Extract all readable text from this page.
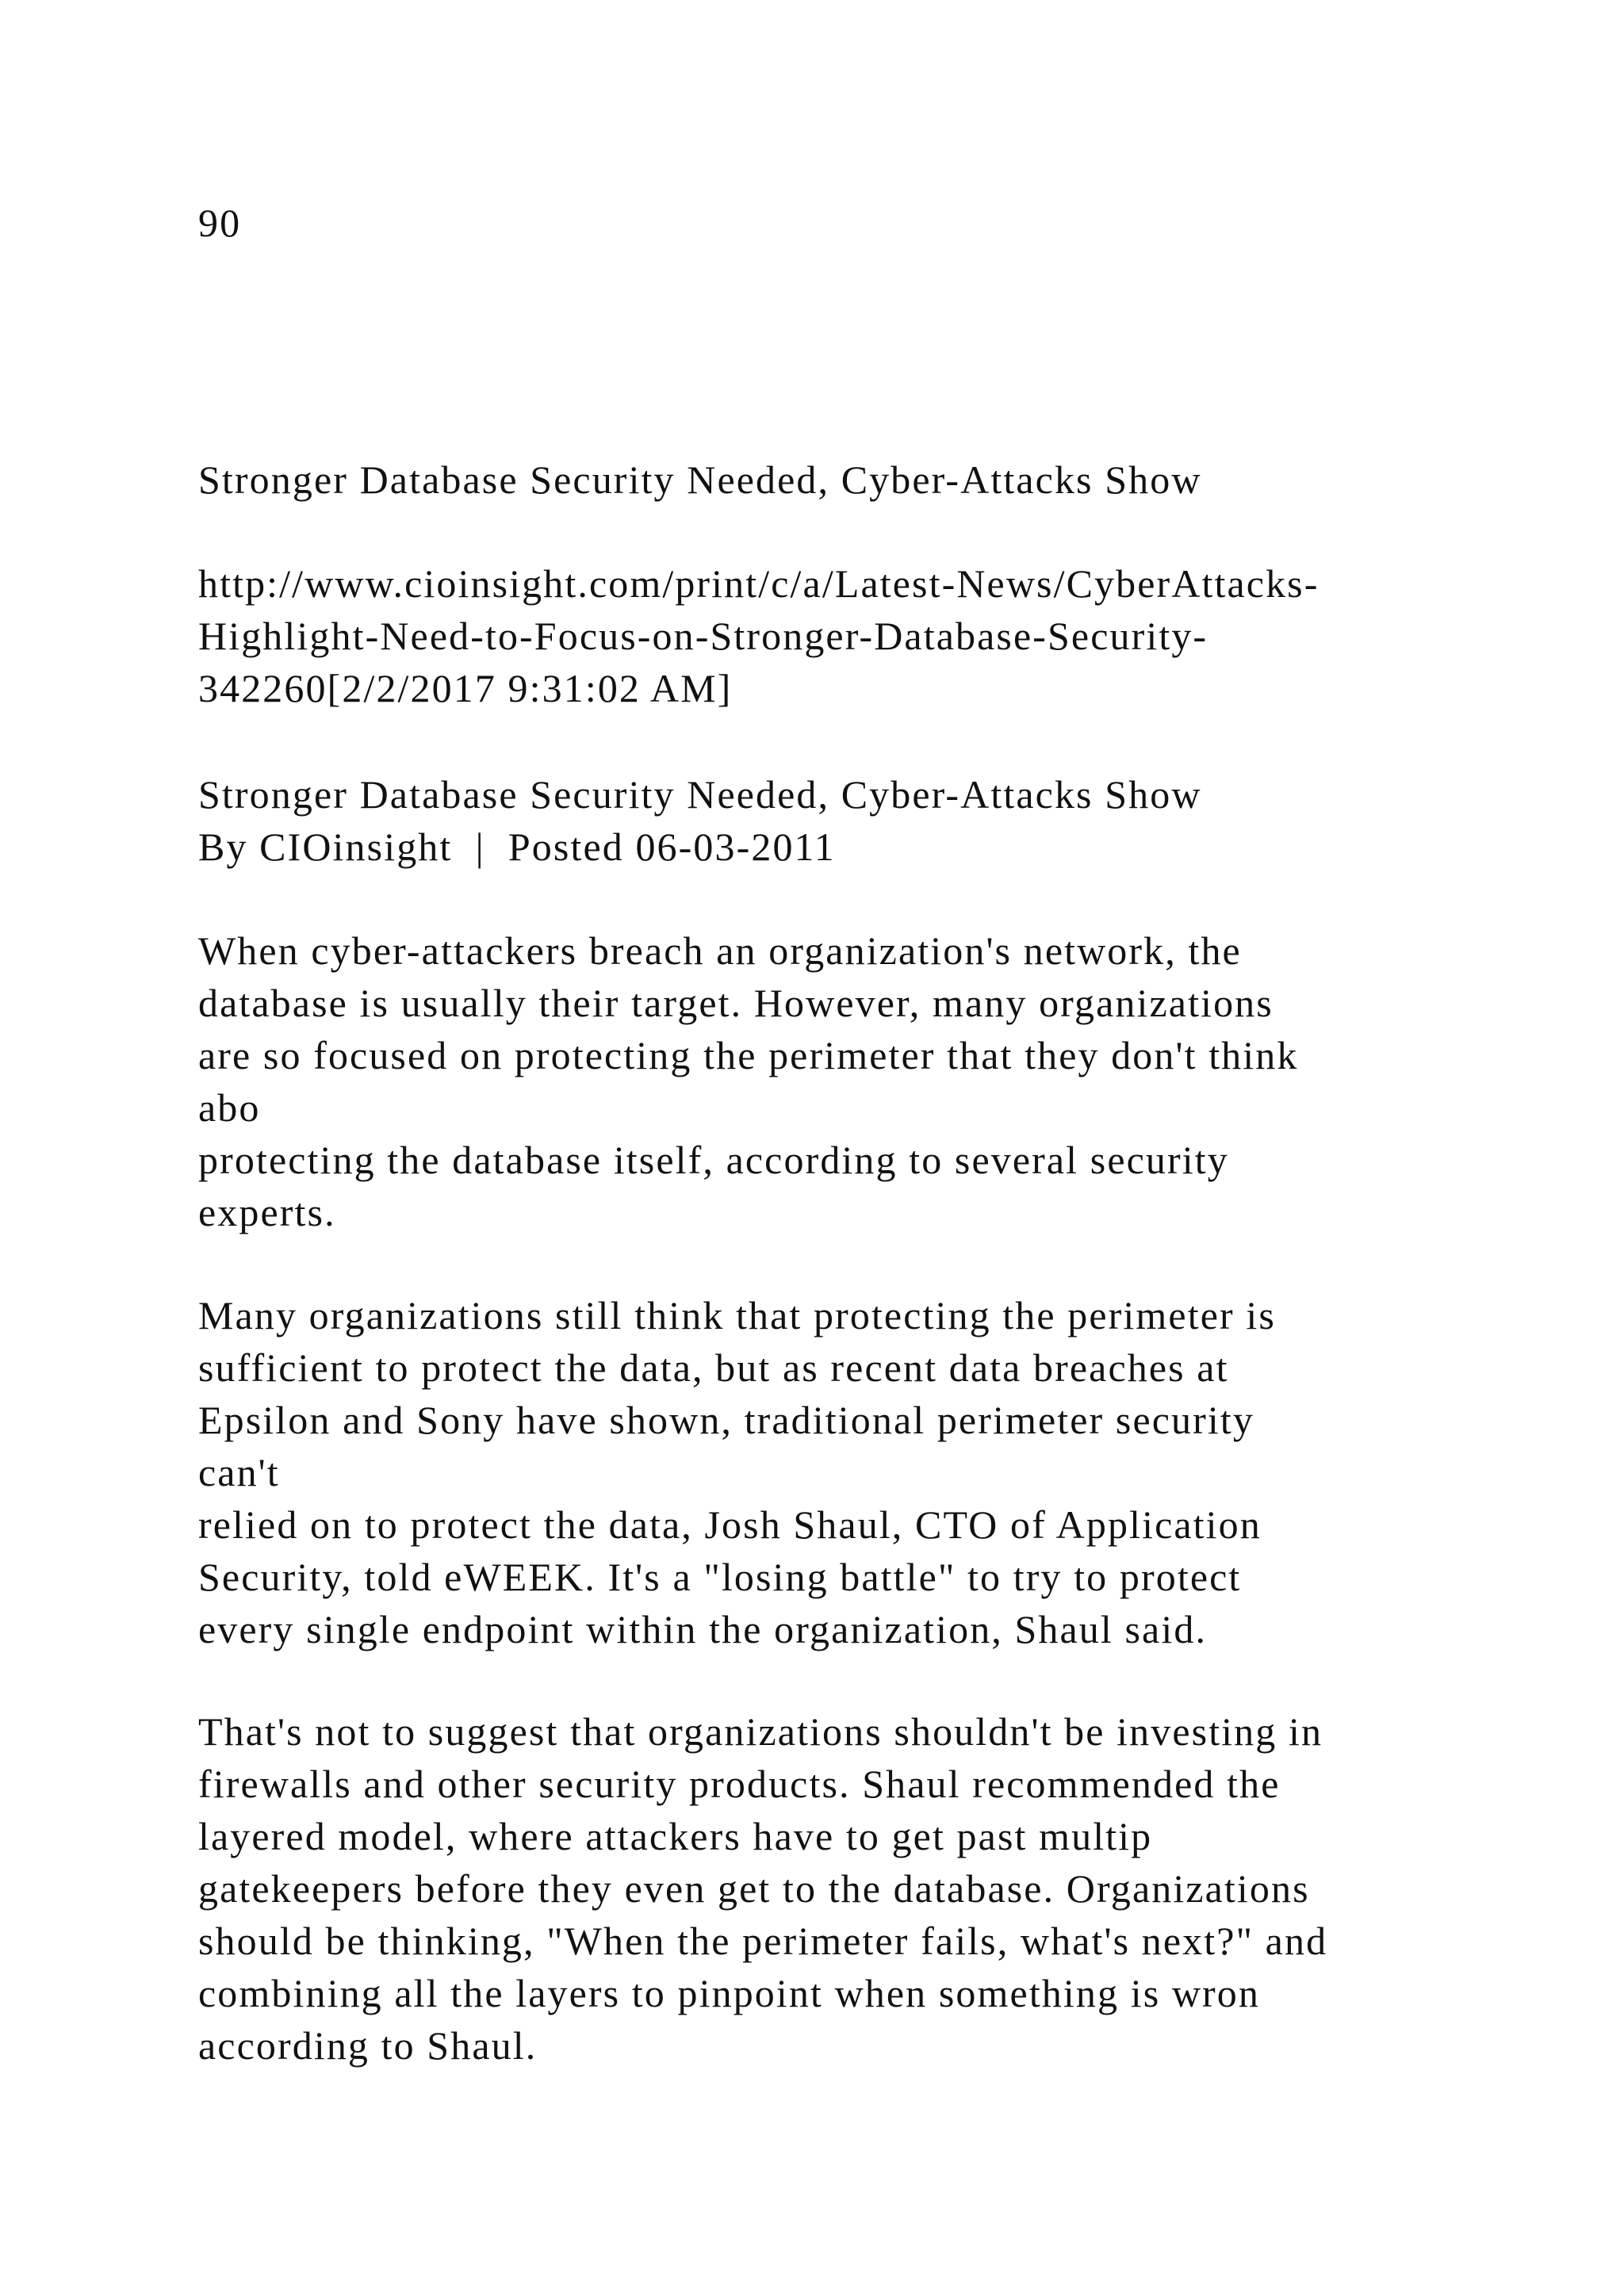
90
Stronger Database Security Needed, Cyber-Attacks Show
http://www.cioinsight.com/print/c/a/Latest-News/CyberAttacks-
Highlight-Need-to-Focus-on-Stronger-Database-Security-
342260[2/2/2017 9:31:02 AM]
Stronger Database Security Needed, Cyber-Attacks Show
By CIOinsight  |  Posted 06-03-2011
When cyber-attackers breach an organization's network, the
database is usually their target. However, many organizations
are so focused on protecting the perimeter that they don't think
abo
protecting the database itself, according to several security
experts.
Many organizations still think that protecting the perimeter is
sufficient to protect the data, but as recent data breaches at
Epsilon and Sony have shown, traditional perimeter security
can't
relied on to protect the data, Josh Shaul, CTO of Application
Security, told eWEEK. It's a "losing battle" to try to protect
every single endpoint within the organization, Shaul said.
That's not to suggest that organizations shouldn't be investing in
firewalls and other security products. Shaul recommended the
layered model, where attackers have to get past multip
gatekeepers before they even get to the database. Organizations
should be thinking, "When the perimeter fails, what's next?" and
combining all the layers to pinpoint when something is wron
according to Shaul.
